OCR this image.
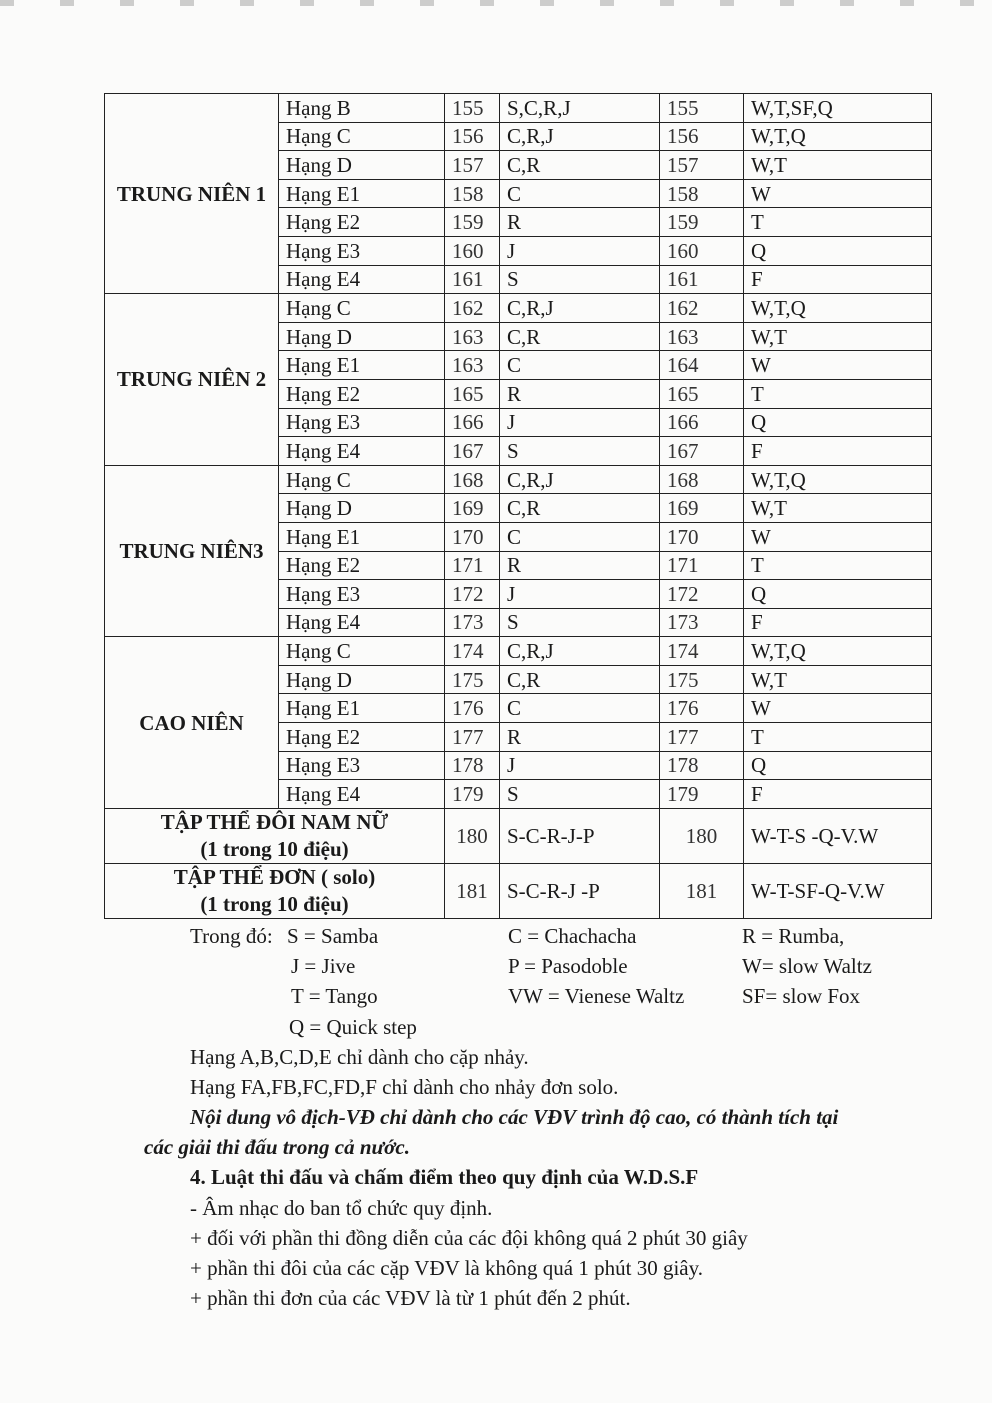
TRUNG NIÊN 1	Hạng B	155	S,C,R,J	155	W,T,SF,Q
	Hạng C	156	C,R,J	156	W,T,Q
	Hạng D	157	C,R	157	W,T
	Hạng E1	158	C	158	W
	Hạng E2	159	R	159	T
	Hạng E3	160	J	160	Q
	Hạng E4	161	S	161	F
TRUNG NIÊN 2	Hạng C	162	C,R,J	162	W,T,Q
	Hạng D	163	C,R	163	W,T
	Hạng E1	163	C	164	W
	Hạng E2	165	R	165	T
	Hạng E3	166	J	166	Q
	Hạng E4	167	S	167	F
TRUNG NIÊN3	Hạng C	168	C,R,J	168	W,T,Q
	Hạng D	169	C,R	169	W,T
	Hạng E1	170	C	170	W
	Hạng E2	171	R	171	T
	Hạng E3	172	J	172	Q
	Hạng E4	173	S	173	F
CAO NIÊN	Hạng C	174	C,R,J	174	W,T,Q
	Hạng D	175	C,R	175	W,T
	Hạng E1	176	C	176	W
	Hạng E2	177	R	177	T
	Hạng E3	178	J	178	Q
	Hạng E4	179	S	179	F

TẬP THỂ ĐÔI NAM NỮ
(1 trong 10 điệu)		180	S-C-R-J-P	180	W-T-S -Q-V.W

TẬP THỂ ĐƠN ( solo)
(1 trong 10 điệu)		181	S-C-R-J -P	181	W-T-SF-Q-V.W
Trong đó: S = Samba	C = Chachacha	R = Rumba,
J = Jive	P = Pasodoble	W= slow Waltz
T = Tango	VW = Vienese Waltz	SF= slow Fox
Q = Quick step
Hạng A,B,C,D,E chỉ dành cho cặp nhảy.
Hạng FA,FB,FC,FD,F chỉ dành cho nhảy đơn solo.
Nội dung vô địch-VĐ chỉ dành cho các VĐV trình độ cao, có thành tích tại
các giải thi đấu trong cả nước.
4. Luật thi đấu và chấm điểm theo quy định của W.D.S.F
- Âm nhạc do ban tổ chức quy định.
+ đối với phần thi đồng diễn của các đội không quá 2 phút 30 giây
+ phần thi đôi của các cặp VĐV là không quá 1 phút 30 giây.
+ phần thi đơn của các VĐV là từ 1 phút đến 2 phút.
